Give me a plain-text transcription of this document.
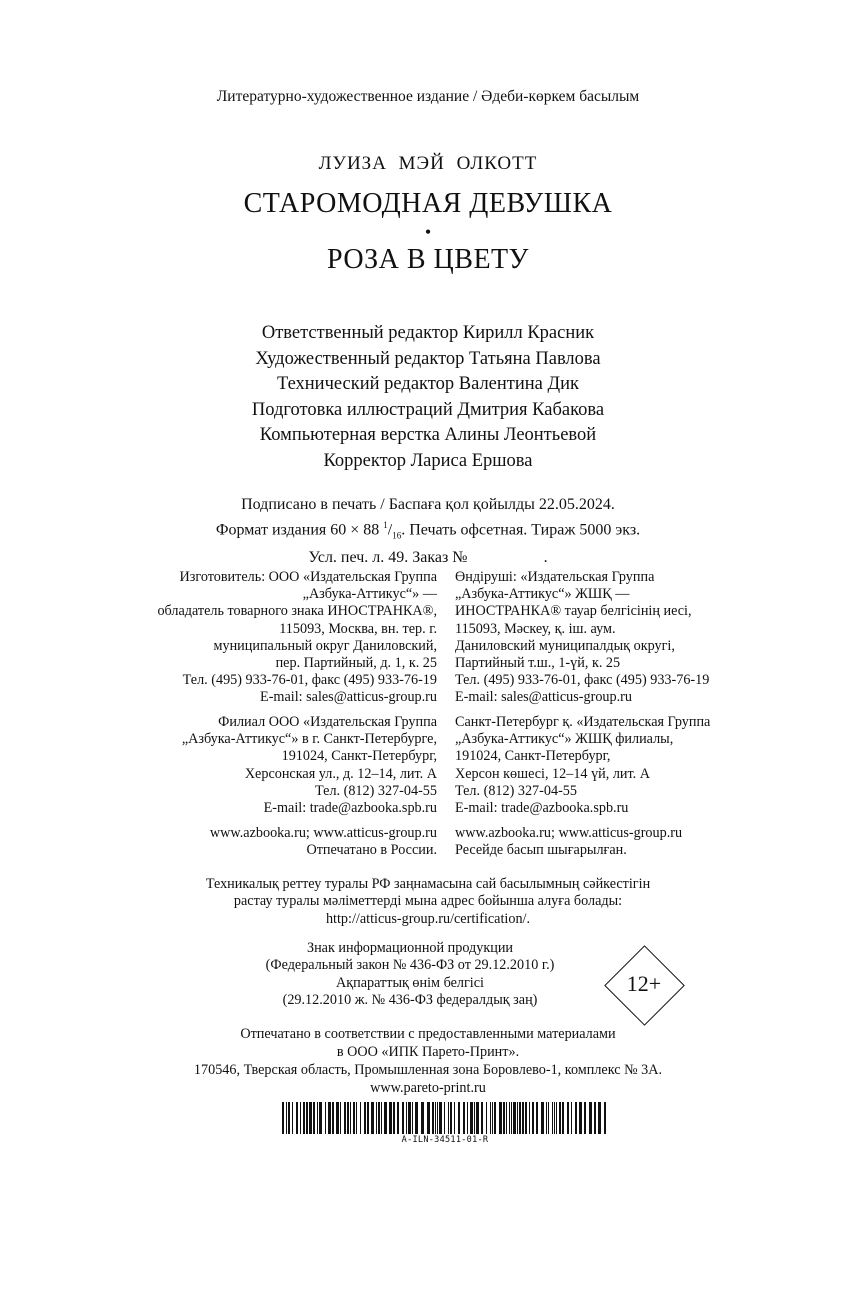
Литературно-художественное издание / Әдеби-көркем басылым
ЛУИЗА МЭЙ ОЛКОТТ
СТАРОМОДНАЯ ДЕВУШКА
•
РОЗА В ЦВЕТУ
Ответственный редактор Кирилл Красник
Художественный редактор Татьяна Павлова
Технический редактор Валентина Дик
Подготовка иллюстраций Дмитрия Кабакова
Компьютерная верстка Алины Леонтьевой
Корректор Лариса Ершова
Подписано в печать / Баспаға қол қойылды 22.05.2024.
Формат издания 60 × 88 $^1/_{16}$. Печать офсетная. Тираж 5000 экз.
Усл. печ. л. 49. Заказ №                   .
Изготовитель: ООО «Издательская Группа
„Азбука-Аттикус“» —
обладатель товарного знака ИНОСТРАНКА®,
115093, Москва, вн. тер. г.
муниципальный округ Даниловский,
пер. Партийный, д. 1, к. 25
Тел. (495) 933-76-01, факс (495) 933-76-19
E-mail: sales@atticus-group.ru
Өндіруші: «Издательская Группа
„Азбука-Аттикус“» ЖШҚ —
ИНОСТРАНКА® тауар белгісінің иесі,
115093, Мәскеу, қ. іш. аум.
Даниловский муниципалдық округі,
Партийный т.ш., 1-үй, к. 25
Тел. (495) 933-76-01, факс (495) 933-76-19
E-mail: sales@atticus-group.ru
Филиал ООО «Издательская Группа
„Азбука-Аттикус“» в г. Санкт-Петербурге,
191024, Санкт-Петербург,
Херсонская ул., д. 12–14, лит. А
Тел. (812) 327-04-55
E-mail: trade@azbooka.spb.ru
Санкт-Петербург қ. «Издательская Группа
„Азбука-Аттикус“» ЖШҚ филиалы,
191024, Санкт-Петербург,
Херсон көшесі, 12–14 үй, лит. А
Тел. (812) 327-04-55
E-mail: trade@azbooka.spb.ru
www.azbooka.ru; www.atticus-group.ru
Отпечатано в России.
www.azbooka.ru; www.atticus-group.ru
Ресейде басып шығарылған.
Техникалық реттеу туралы РФ заңнамасына сай басылымның сәйкестігін
растау туралы мәліметтерді мына адрес бойынша алуға болады:
http://atticus-group.ru/certification/.
Знак информационной продукции
(Федеральный закон № 436-ФЗ от 29.12.2010 г.)
Ақпараттық өнім белгісі
(29.12.2010 ж. № 436-ФЗ федералдық заң)
12+
Отпечатано в соответствии с предоставленными материалами
в ООО «ИПК Парето-Принт».
170546, Тверская область, Промышленная зона Боровлево-1, комплекс № 3А.
www.pareto-print.ru
A-ILN-34511-01-R
